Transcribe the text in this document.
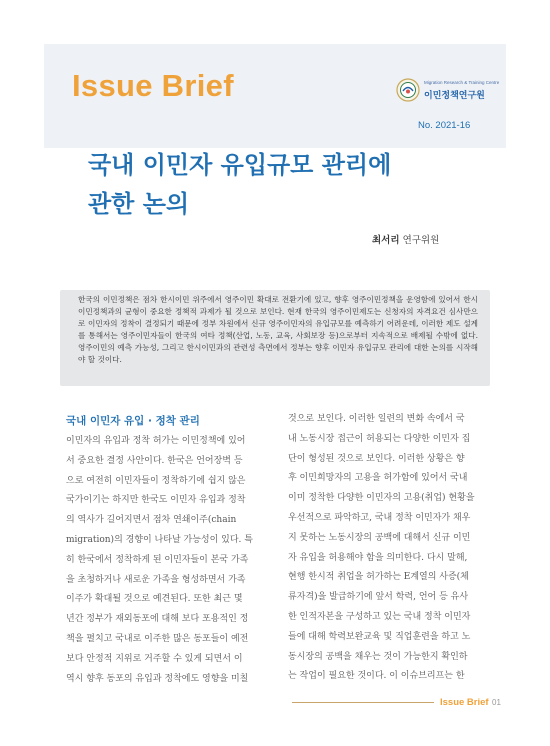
Issue Brief	Migration Research & Training Centre
이민정책연구원
No. 2021-16
국내 이민자 유입규모 관리에
관한 논의
최서리 연구위원

한국의 이민정책은 점차 한시이민 위주에서 영주이민 확대로 전환기에 있고, 향후 영주이민정책을 운영함에 있어서 한시이민정책과의 균형이 중요한 정책적 과제가 될 것으로 보인다. 현재 한국의 영주이민제도는 신청자의 자격요건 심사만으로 이민자의 정착이 결정되기 때문에 정부 차원에서 신규 영주이민자의 유입규모를 예측하기 어려운데, 이러한 제도 설계를 통해서는 영주이민자들이 한국의 여타 정책(산업, 노동, 교육, 사회보장 등)으로부터 지속적으로 배제될 수밖에 없다. 영주이민의 예측 가능성, 그리고 한시이민과의 관련성 측면에서 정부는 향후 이민자 유입규모 관리에 대한 논의를 시작해야 할 것이다.

국내 이민자 유입 · 정착 관리
이민자의 유입과 정착 허가는 이민정책에 있어
서 중요한 결정 사안이다. 한국은 언어장벽 등
으로 여전히 이민자들이 정착하기에 쉽지 않은
국가이기는 하지만 한국도 이민자 유입과 정착
의 역사가 길어지면서 점차 연쇄이주(chain
migration)의 경향이 나타날 가능성이 있다. 특
히 한국에서 정착하게 된 이민자들이 본국 가족
을 초청하거나 새로운 가족을 형성하면서 가족
이주가 확대될 것으로 예견된다. 또한 최근 몇
년간 정부가 재외동포에 대해 보다 포용적인 정
책을 펼치고 국내로 이주한 많은 동포들이 예전
보다 안정적 지위로 거주할 수 있게 되면서 이
역시 향후 동포의 유입과 정착에도 영향을 미칠
것으로 보인다. 이러한 일련의 변화 속에서 국
내 노동시장 접근이 허용되는 다양한 이민자 집
단이 형성된 것으로 보인다. 이러한 상황은 향
후 이민희망자의 고용을 허가함에 있어서 국내
이미 정착한 다양한 이민자의 고용(취업) 현황을
우선적으로 파악하고, 국내 정착 이민자가 채우
지 못하는 노동시장의 공백에 대해서 신규 이민
자 유입을 허용해야 함을 의미한다. 다시 말해,
현행 한시적 취업을 허가하는 E계열의 사증(체
류자격)을 발급하기에 앞서 학력, 언어 등 유사
한 인적자본을 구성하고 있는 국내 정착 이민자
들에 대해 학력보완교육 및 직업훈련을 하고 노
동시장의 공백을 채우는 것이 가능한지 확인하
는 작업이 필요한 것이다. 이 이슈브리프는 한
Issue Brief 01
